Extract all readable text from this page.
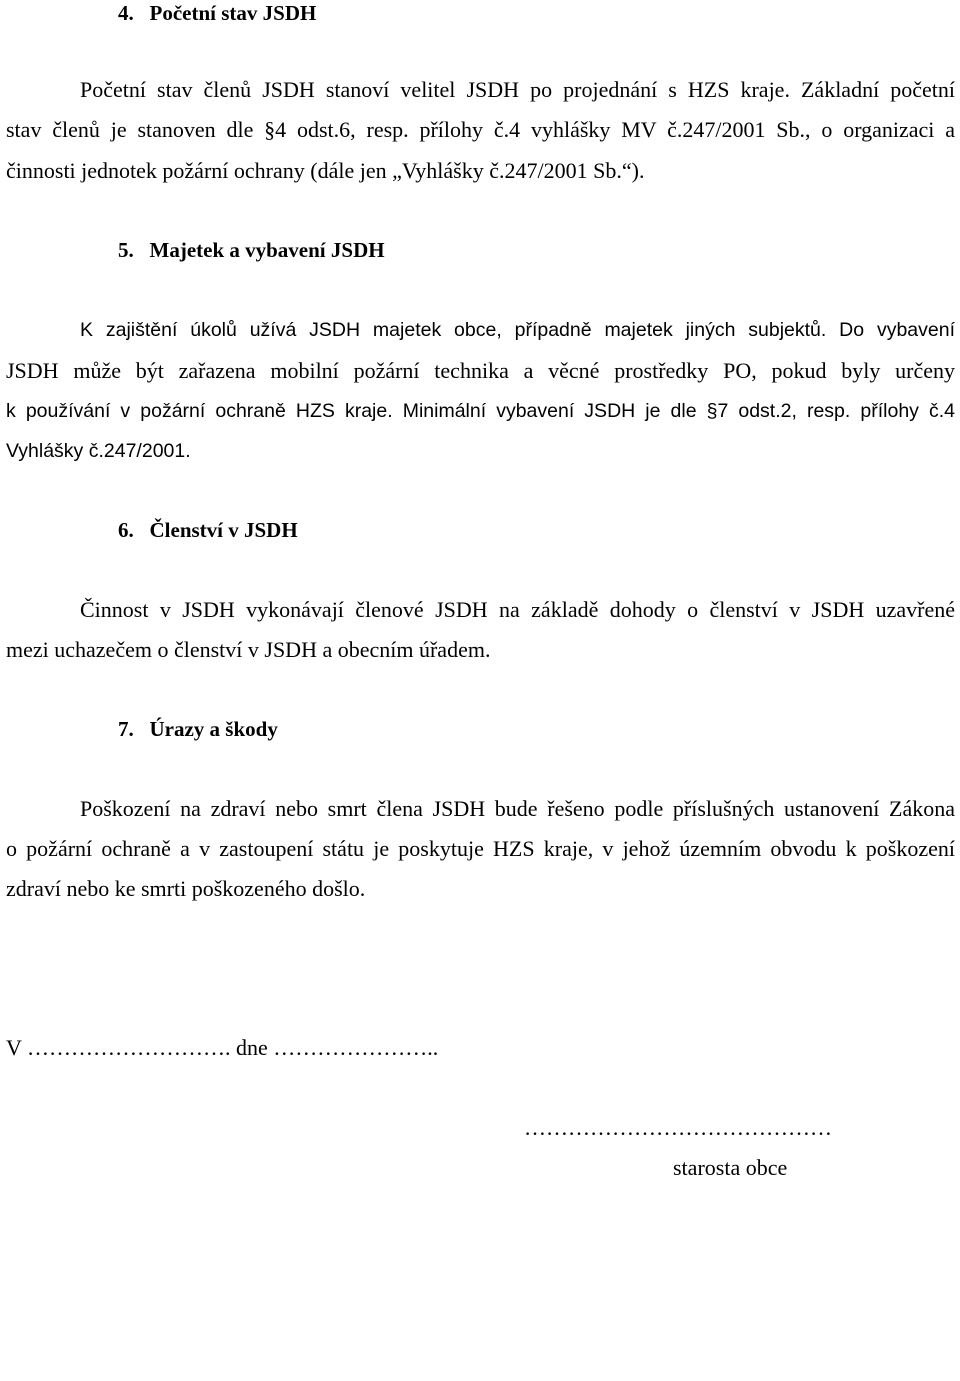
4. Početní stav JSDH
Početní stav členů JSDH stanoví velitel JSDH po projednání s HZS kraje. Základní početní
stav členů je stanoven dle §4 odst.6, resp. přílohy č.4 vyhlášky MV č.247/2001 Sb., o organizaci a
činnosti jednotek požární ochrany (dále jen „Vyhlášky č.247/2001 Sb.“).
5. Majetek a vybavení JSDH
K zajištění úkolů užívá JSDH majetek obce, případně majetek jiných subjektů. Do vybavení
JSDH může být zařazena mobilní požární technika a věcné prostředky PO, pokud byly určeny
k používání v požární ochraně HZS kraje. Minimální vybavení JSDH je dle §7 odst.2, resp. přílohy č.4
Vyhlášky č.247/2001.
6. Členství v JSDH
Činnost v JSDH vykonávají členové JSDH na základě dohody o členství v JSDH uzavřené
mezi uchazečem o členství v JSDH a obecním úřadem.
7. Úrazy a škody
Poškození na zdraví nebo smrt člena JSDH bude řešeno podle příslušných ustanovení Zákona
o požární ochraně a v zastoupení státu je poskytuje HZS kraje, v jehož územním obvodu k poškození
zdraví nebo ke smrti poškozeného došlo.
V ………………………. dne …………………..
……………………………………
starosta obce
